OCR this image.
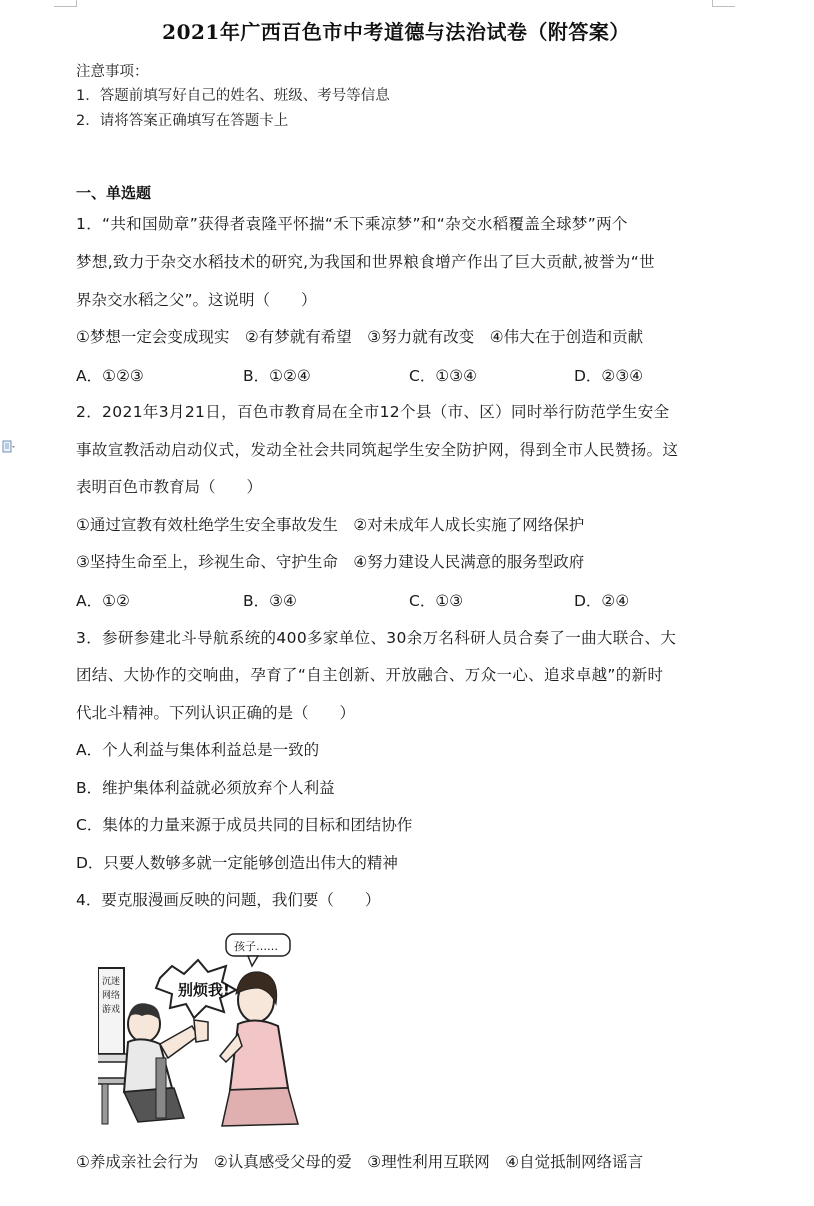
2021年广西百色市中考道德与法治试卷（附答案）
注意事项：
1．答题前填写好自己的姓名、班级、考号等信息
2．请将答案正确填写在答题卡上
一、单选题
1．“共和国勋章”获得者袁隆平怀揣“禾下乘凉梦”和“杂交水稻覆盖全球梦”两个
梦想,致力于杂交水稻技术的研究,为我国和世界粮食增产作出了巨大贡献,被誉为“世
界杂交水稻之父”。这说明（　　）
①梦想一定会变成现实　②有梦就有希望　③努力就有改变　④伟大在于创造和贡献
A．①②③	B．①②④	C．①③④	D．②③④
2．2021年3月21日，百色市教育局在全市12个县（市、区）同时举行防范学生安全
事故宣教活动启动仪式，发动全社会共同筑起学生安全防护网，得到全市人民赞扬。这
表明百色市教育局（　　）
①通过宣教有效杜绝学生安全事故发生　②对未成年人成长实施了网络保护
③坚持生命至上，珍视生命、守护生命　④努力建设人民满意的服务型政府
A．①②	B．③④	C．①③	D．②④
3．参研参建北斗导航系统的400多家单位、30余万名科研人员合奏了一曲大联合、大
团结、大协作的交响曲，孕育了“自主创新、开放融合、万众一心、追求卓越”的新时
代北斗精神。下列认识正确的是（　　）
A．个人利益与集体利益总是一致的
B．维护集体利益就必须放弃个人利益
C．集体的力量来源于成员共同的目标和团结协作
D．只要人数够多就一定能够创造出伟大的精神
4．要克服漫画反映的问题，我们要（　　）
沉迷
网络
游戏
别烦我!
孩子……
①养成亲社会行为　②认真感受父母的爱　③理性利用互联网　④自觉抵制网络谣言
